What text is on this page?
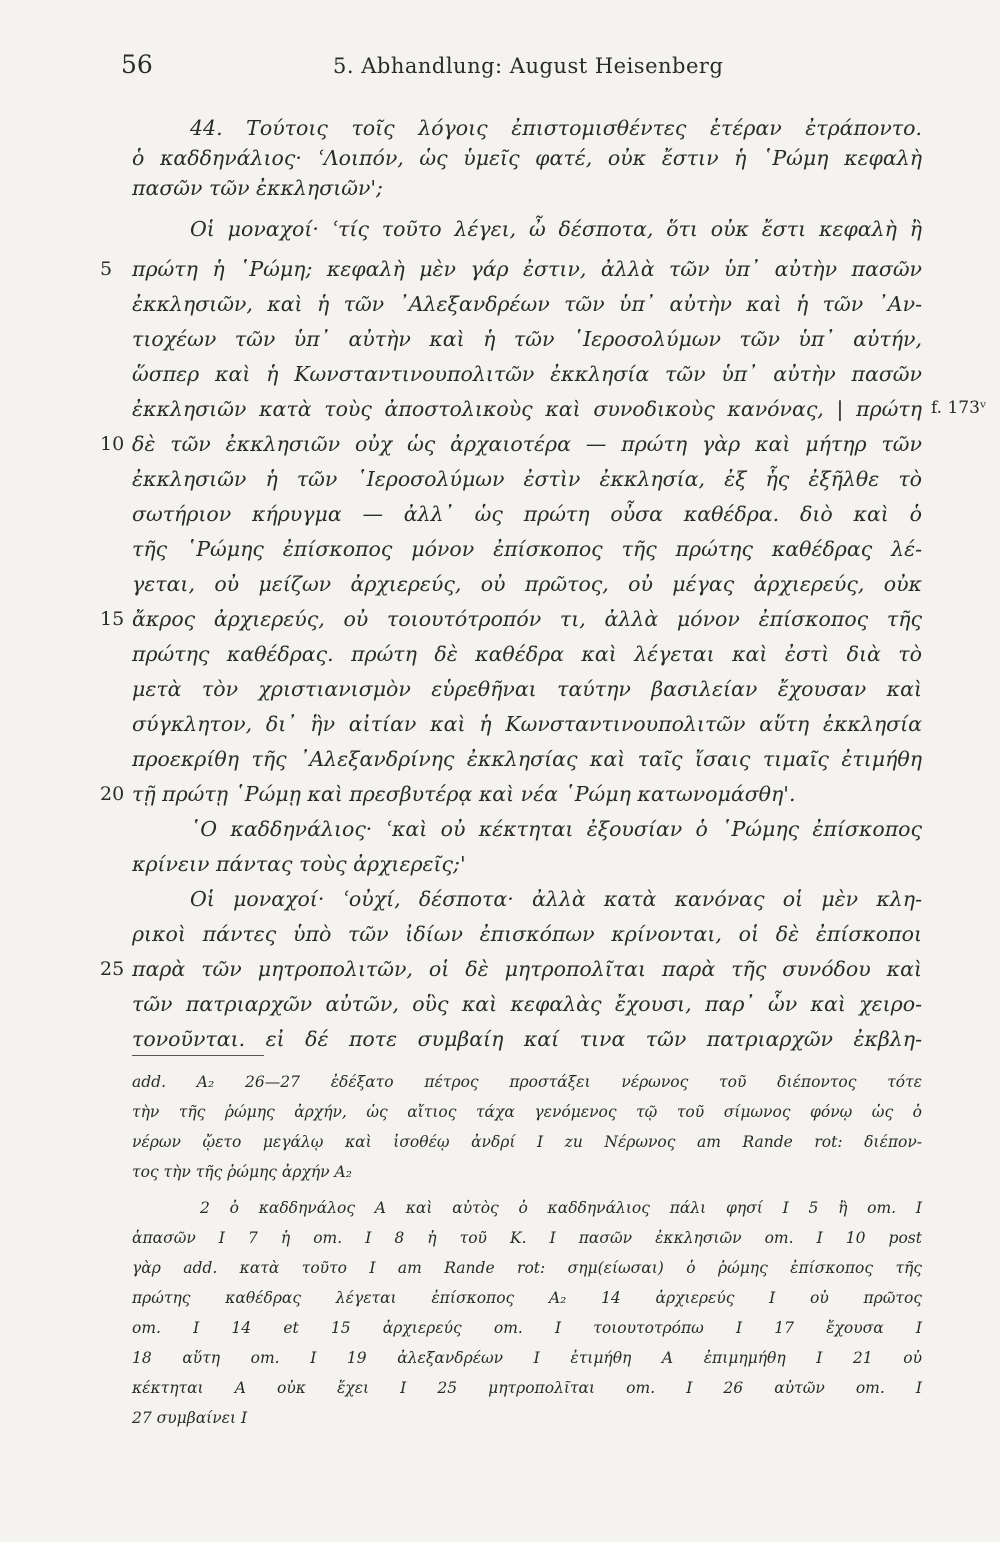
56	5. Abhandlung: August Heisenberg
44. Τούτοις τοῖς λόγοις ἐπιστομισθέντες ἑτέραν ἐτράποντο.
ὁ καδδηνάλιος· ʿΛοιπόν, ὡς ὑμεῖς φατέ, οὐκ ἔστιν ἡ ῾Ρώμη κεφαλὴ
πασῶν τῶν ἐκκλησιῶν';
Οἱ μοναχοί· ʿτίς τοῦτο λέγει, ὦ δέσποτα, ὅτι οὐκ ἔστι κεφαλὴ ἢ
πρώτη ἡ ῾Ρώμη; κεφαλὴ μὲν γάρ ἐστιν, ἀλλὰ τῶν ὑπ᾽ αὐτὴν πασῶν
ἐκκλησιῶν, καὶ ἡ τῶν ᾿Αλεξανδρέων τῶν ὑπ᾽ αὐτὴν καὶ ἡ τῶν ᾿Αν-
τιοχέων τῶν ὑπ᾽ αὐτὴν καὶ ἡ τῶν ῾Ιεροσολύμων τῶν ὑπ᾽ αὐτήν,
ὥσπερ καὶ ἡ Κωνσταντινουπολιτῶν ἐκκλησία τῶν ὑπ᾽ αὐτὴν πασῶν
ἐκκλησιῶν κατὰ τοὺς ἀποστολικοὺς καὶ συνοδικοὺς κανόνας, | πρώτη
δὲ τῶν ἐκκλησιῶν οὐχ ὡς ἀρχαιοτέρα — πρώτη γὰρ καὶ μήτηρ τῶν
ἐκκλησιῶν ἡ τῶν ῾Ιεροσολύμων ἐστὶν ἐκκλησία, ἐξ ἧς ἐξῆλθε τὸ
σωτήριον κήρυγμα — ἀλλ᾽ ὡς πρώτη οὖσα καθέδρα. διὸ καὶ ὁ
τῆς ῾Ρώμης ἐπίσκοπος μόνον ἐπίσκοπος τῆς πρώτης καθέδρας λέ-
γεται, οὐ μείζων ἀρχιερεύς, οὐ πρῶτος, οὐ μέγας ἀρχιερεύς, οὐκ
ἄκρος ἀρχιερεύς, οὐ τοιουτότροπόν τι, ἀλλὰ μόνον ἐπίσκοπος τῆς
πρώτης καθέδρας. πρώτη δὲ καθέδρα καὶ λέγεται καὶ ἐστὶ διὰ τὸ
μετὰ τὸν χριστιανισμὸν εὑρεθῆναι ταύτην βασιλείαν ἔχουσαν καὶ
σύγκλητον, δι᾽ ἣν αἰτίαν καὶ ἡ Κωνσταντινουπολιτῶν αὕτη ἐκκλησία
προεκρίθη τῆς ᾿Αλεξανδρίνης ἐκκλησίας καὶ ταῖς ἴσαις τιμαῖς ἐτιμήθη
τῇ πρώτῃ ῾Ρώμῃ καὶ πρεσβυτέρᾳ καὶ νέα ῾Ρώμη κατωνομάσθη'.
῾Ο καδδηνάλιος· ʿκαὶ οὐ κέκτηται ἐξουσίαν ὁ ῾Ρώμης ἐπίσκοπος
κρίνειν πάντας τοὺς ἀρχιερεῖς;'
Οἱ μοναχοί· ʿοὐχί, δέσποτα· ἀλλὰ κατὰ κανόνας οἱ μὲν κλη-
ρικοὶ πάντες ὑπὸ τῶν ἰδίων ἐπισκόπων κρίνονται, οἱ δὲ ἐπίσκοποι
παρὰ τῶν μητροπολιτῶν, οἱ δὲ μητροπολῖται παρὰ τῆς συνόδου καὶ
τῶν πατριαρχῶν αὐτῶν, οὓς καὶ κεφαλὰς ἔχουσι, παρ᾽ ὧν καὶ χειρο-
τονοῦνται. εἰ δέ ποτε συμβαίη καί τινα τῶν πατριαρχῶν ἐκβλη-
5
10
15
20
25
f. 173ᵛ
add. A₂ 26—27 ἐδέξατο πέτρος προστάξει νέρωνος τοῦ διέποντος τότε
τὴν τῆς ῥώμης ἀρχήν, ὡς αἴτιος τάχα γενόμενος τῷ τοῦ σίμωνος φόνῳ ὡς ὁ
νέρων ᾤετο μεγάλῳ καὶ ἰσοθέῳ ἀνδρί I zu Νέρωνος am Rande rot: διέπον-
τος τὴν τῆς ῥώμης ἀρχήν A₂
2 ὁ καδδηνάλος A καὶ αὐτὸς ὁ καδδηνάλιος πάλι φησί I 5 ἢ om. I
ἁπασῶν I 7 ἡ om. I 8 ἡ τοῦ Κ. I πασῶν ἐκκλησιῶν om. I 10 post
γὰρ add. κατὰ τοῦτο I am Rande rot: σημ(είωσαι) ὁ ῥώμης ἐπίσκοπος τῆς
πρώτης καθέδρας λέγεται ἐπίσκοπος A₂ 14 ἀρχιερεύς I οὐ πρῶτος
om. I 14 et 15 ἀρχιερεύς om. I τοιουτοτρόπω I 17 ἔχουσα I
18 αὕτη om. I 19 ἀλεξανδρέων I ἐτιμήθη A ἐπιμημήθη I 21 οὐ
κέκτηται A οὐκ ἔχει I 25 μητροπολῖται om. I 26 αὐτῶν om. I
27 συμβαίνει I
